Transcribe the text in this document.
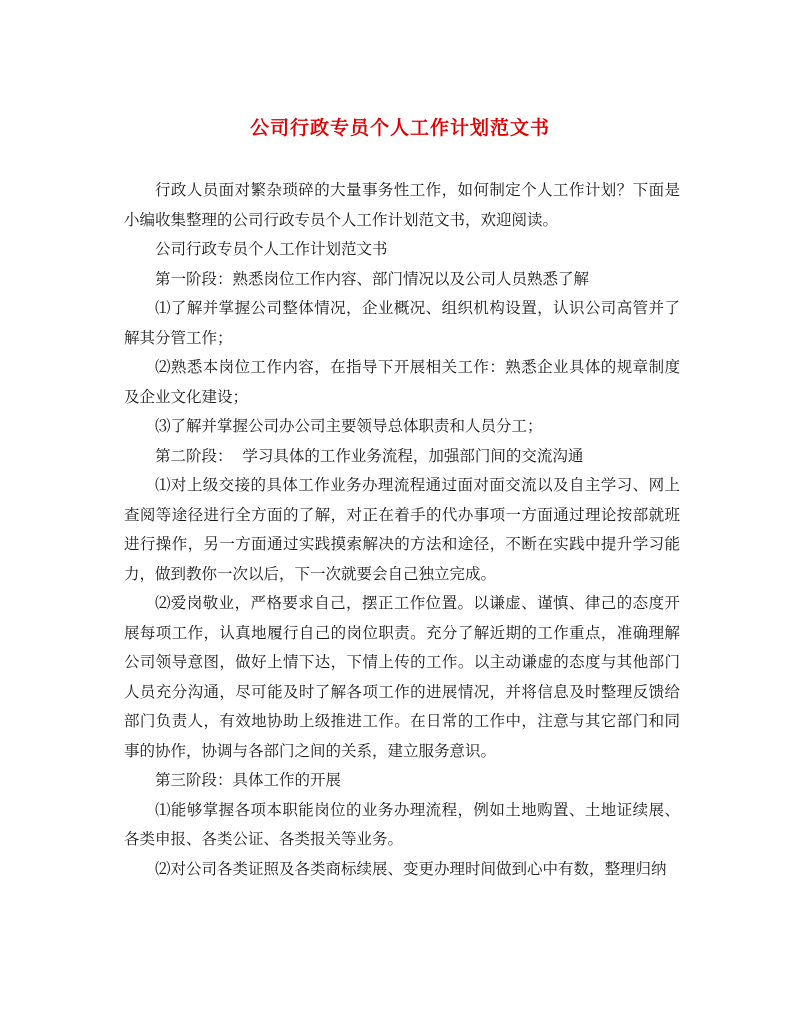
公司行政专员个人工作计划范文书

行政人员面对繁杂琐碎的大量事务性工作，如何制定个人工作计划？下面是小编收集整理的公司行政专员个人工作计划范文书，欢迎阅读。

公司行政专员个人工作计划范文书

第一阶段：熟悉岗位工作内容、部门情况以及公司人员熟悉了解

⑴了解并掌握公司整体情况，企业概况、组织机构设置，认识公司高管并了解其分管工作；

⑵熟悉本岗位工作内容，在指导下开展相关工作：熟悉企业具体的规章制度及企业文化建设；

⑶了解并掌握公司办公司主要领导总体职责和人员分工；

第二阶段：  学习具体的工作业务流程，加强部门间的交流沟通

⑴对上级交接的具体工作业务办理流程通过面对面交流以及自主学习、网上查阅等途径进行全方面的了解，对正在着手的代办事项一方面通过理论按部就班进行操作，另一方面通过实践摸索解决的方法和途径，不断在实践中提升学习能力，做到教你一次以后，下一次就要会自己独立完成。

⑵爱岗敬业，严格要求自己，摆正工作位置。以谦虚、谨慎、律己的态度开展每项工作，认真地履行自己的岗位职责。充分了解近期的工作重点，准确理解公司领导意图，做好上情下达，下情上传的工作。以主动谦虚的态度与其他部门人员充分沟通，尽可能及时了解各项工作的进展情况，并将信息及时整理反馈给部门负责人，有效地协助上级推进工作。在日常的工作中，注意与其它部门和同事的协作，协调与各部门之间的关系，建立服务意识。

第三阶段：具体工作的开展

⑴能够掌握各项本职能岗位的业务办理流程，例如土地购置、土地证续展、各类申报、各类公证、各类报关等业务。

⑵对公司各类证照及各类商标续展、变更办理时间做到心中有数，整理归纳
